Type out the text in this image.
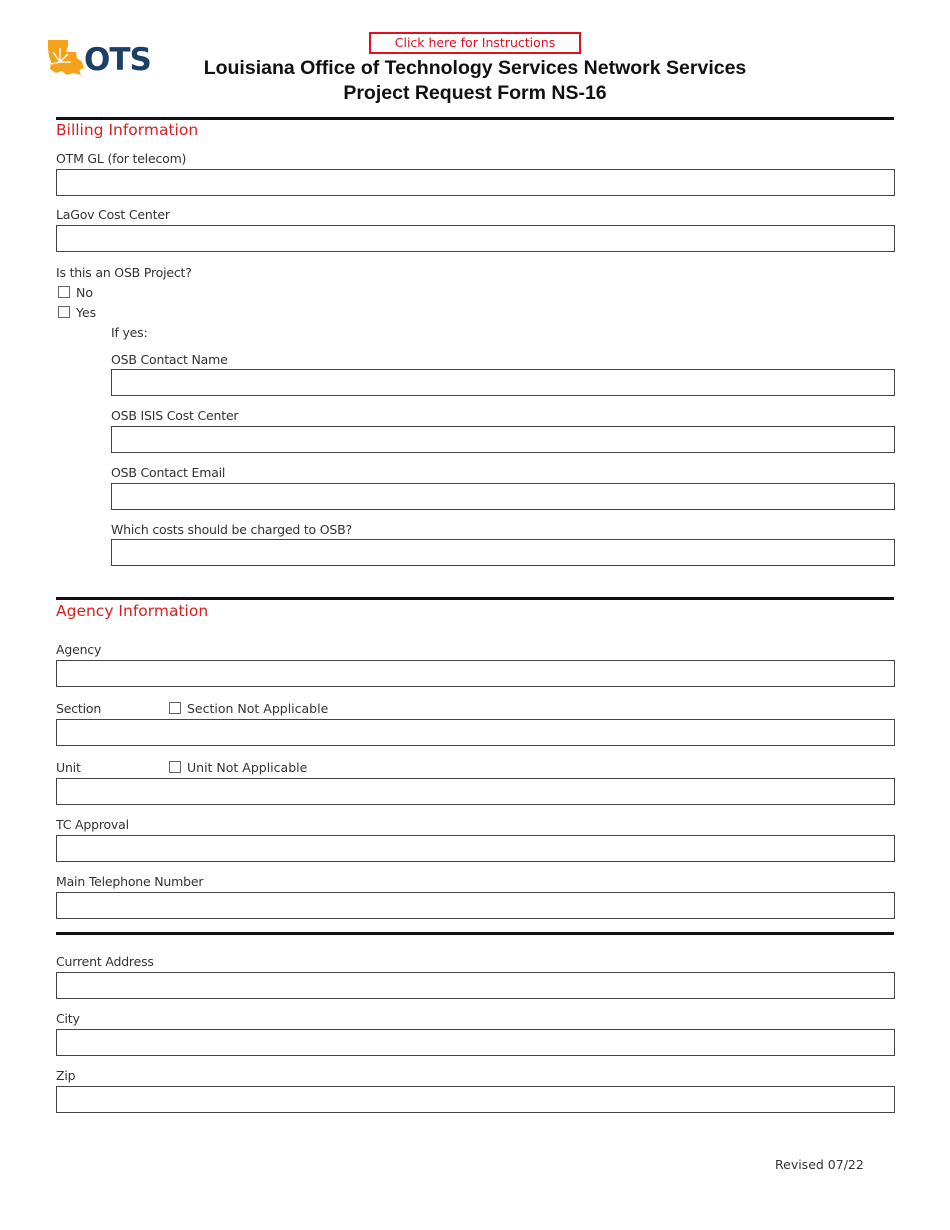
OTS	Click here for Instructions
Louisiana Office of Technology Services Network Services
Project Request Form NS-16
Billing Information
OTM GL (for telecom)
LaGov Cost Center
Is this an OSB Project?
No
Yes
If yes:
OSB Contact Name
OSB ISIS Cost Center
OSB Contact Email
Which costs should be charged to OSB?
Agency Information
Agency
Section	Section Not Applicable
Unit	Unit Not Applicable
TC Approval
Main Telephone Number
Current Address
City
Zip
Revised 07/22
